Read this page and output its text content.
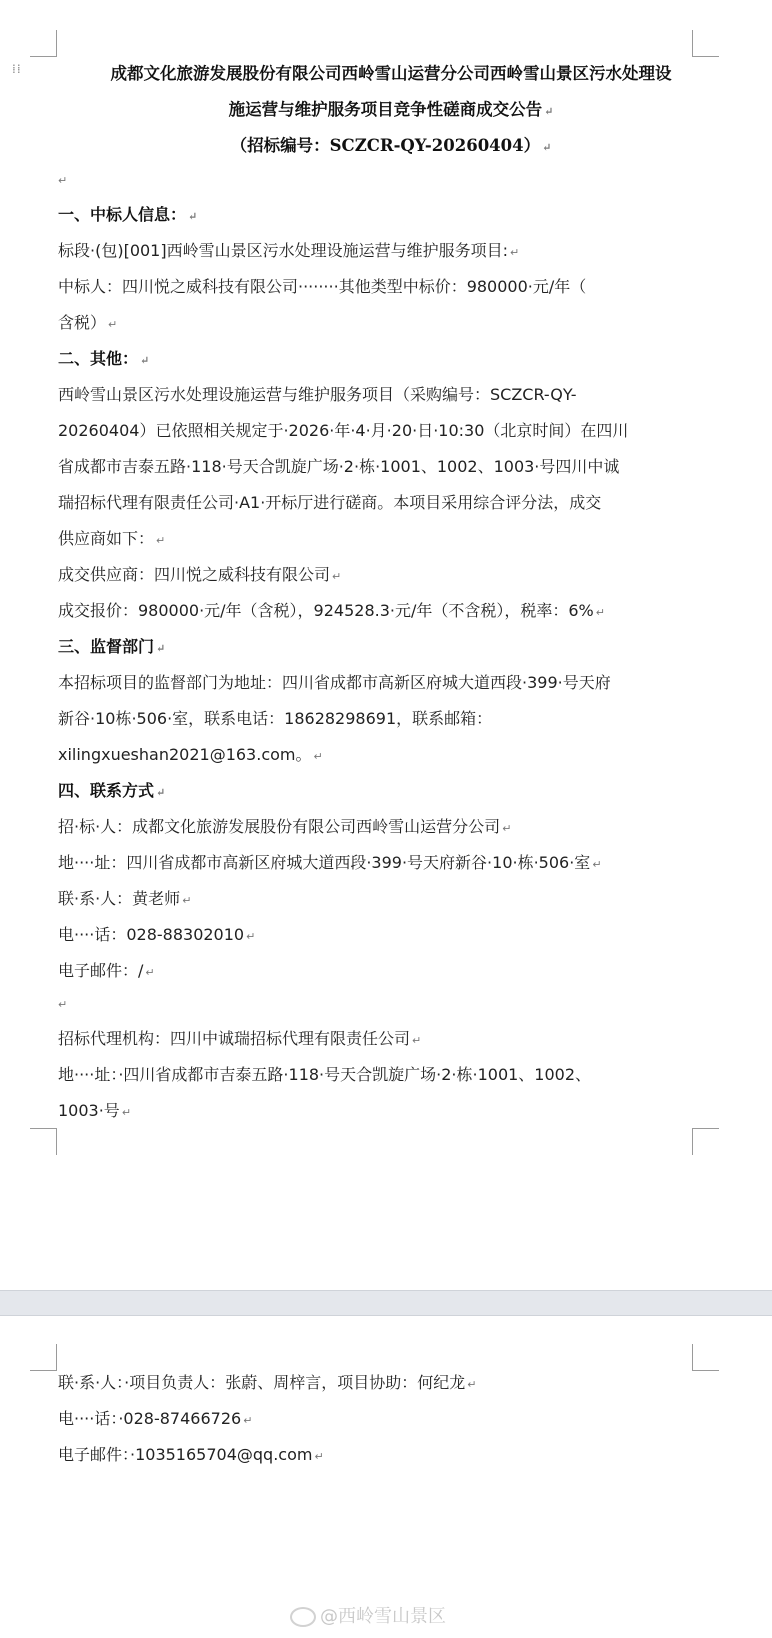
⁞⁞	成都文化旅游发展股份有限公司西岭雪山运营分公司西岭雪山景区污水处理设
施运营与维护服务项目竞争性磋商成交公告 ↵
（招标编号：SCZCR-QY-20260404） ↵
↵
一、中标人信息： ↵
标段·(包)[001]西岭雪山景区污水处理设施运营与维护服务项目: ↵
中标人：四川悦之威科技有限公司········其他类型中标价：980000·元/年（
含税） ↵
二、其他： ↵
西岭雪山景区污水处理设施运营与维护服务项目（采购编号：SCZCR-QY-
20260404）已依照相关规定于·2026·年·4·月·20·日·10:30（北京时间）在四川
省成都市吉泰五路·118·号天合凯旋广场·2·栋·1001、1002、1003·号四川中诚
瑞招标代理有限责任公司·A1·开标厅进行磋商。本项目采用综合评分法，成交
供应商如下： ↵
成交供应商：四川悦之威科技有限公司 ↵
成交报价：980000·元/年（含税），924528.3·元/年（不含税），税率：6% ↵
三、监督部门 ↵
本招标项目的监督部门为地址：四川省成都市高新区府城大道西段·399·号天府
新谷·10栋·506·室，联系电话：18628298691，联系邮箱：
xilingxueshan2021@163.com。 ↵
四、联系方式 ↵
招·标·人：成都文化旅游发展股份有限公司西岭雪山运营分公司 ↵
地····址：四川省成都市高新区府城大道西段·399·号天府新谷·10·栋·506·室 ↵
联·系·人：黄老师 ↵
电····话：028-88302010 ↵
电子邮件：/ ↵
↵
招标代理机构：四川中诚瑞招标代理有限责任公司 ↵
地····址：·四川省成都市吉泰五路·118·号天合凯旋广场·2·栋·1001、1002、
1003·号 ↵
联·系·人：·项目负责人：张蔚、周梓言，项目协助：何纪龙 ↵
电····话：·028-87466726 ↵
电子邮件：·1035165704@qq.com ↵
@西岭雪山景区
